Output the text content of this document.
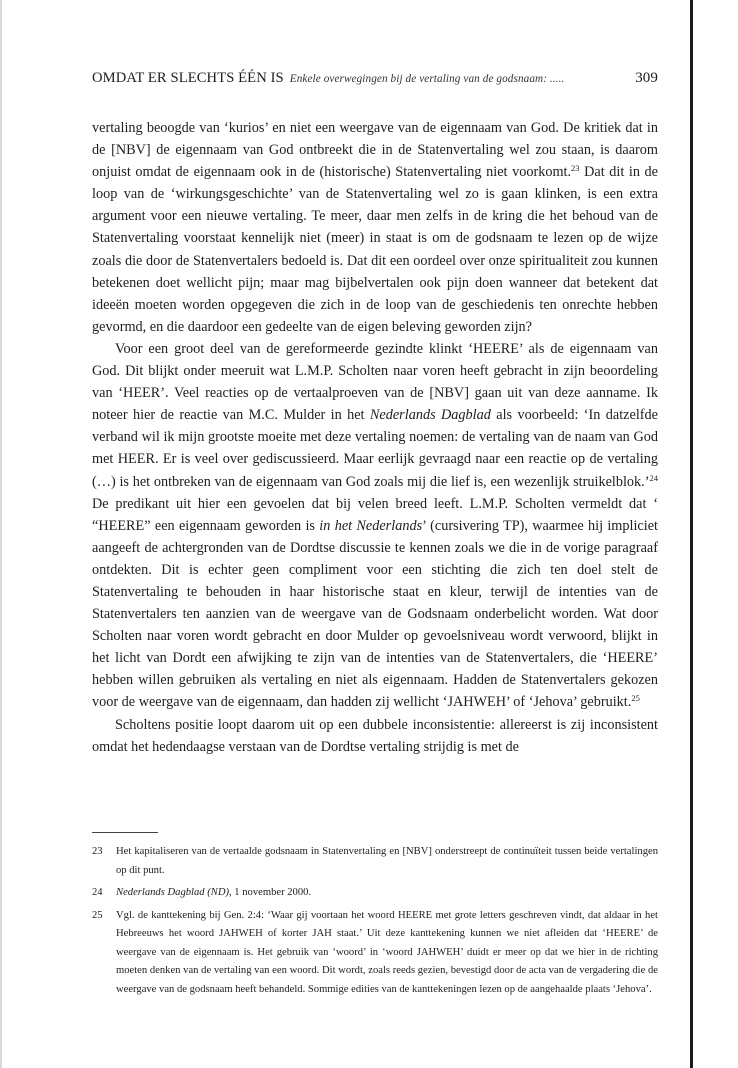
OMDAT ER SLECHTS ÉÉN IS Enkele overwegingen bij de vertaling van de godsnaam: .....	309

vertaling beoogde van ‘kurios’ en niet een weergave van de eigennaam van God. De kritiek dat in de [NBV] de eigennaam van God ontbreekt die in de Statenvertaling wel zou staan, is daarom onjuist omdat de eigennaam ook in de (historische) Statenvertaling niet voorkomt.$^{23}$ Dat dit in de loop van de ‘wirkungsgeschichte’ van de Statenvertaling wel zo is gaan klinken, is een extra argument voor een nieuwe vertaling. Te meer, daar men zelfs in de kring die het behoud van de Statenvertaling voorstaat kennelijk niet (meer) in staat is om de godsnaam te lezen op de wijze zoals die door de Statenvertalers bedoeld is. Dat dit een oordeel over onze spiritualiteit zou kunnen betekenen doet wellicht pijn; maar mag bijbelvertalen ook pijn doen wanneer dat betekent dat ideeën moeten worden opgegeven die zich in de loop van de geschiedenis ten onrechte hebben gevormd, en die daardoor een gedeelte van de eigen beleving geworden zijn?

Voor een groot deel van de gereformeerde gezindte klinkt ‘HEERE’ als de eigennaam van God. Dit blijkt onder meeruit wat L.M.P. Scholten naar voren heeft gebracht in zijn beoordeling van ‘HEER’. Veel reacties op de vertaalproeven van de [NBV] gaan uit van deze aanname. Ik noteer hier de reactie van M.C. Mulder in het Nederlands Dagblad als voorbeeld: ‘In datzelfde verband wil ik mijn grootste moeite met deze vertaling noemen: de vertaling van de naam van God met HEER. Er is veel over gediscussieerd. Maar eerlijk gevraagd naar een reactie op de vertaling (…) is het ontbreken van de eigennaam van God zoals mij die lief is, een wezenlijk struikelblok.’$^{24}$ De predikant uit hier een gevoelen dat bij velen breed leeft. L.M.P. Scholten vermeldt dat ‘ “HEERE” een eigennaam geworden is in het Nederlands’ (cursivering TP), waarmee hij impliciet aangeeft de achtergronden van de Dordtse discussie te kennen zoals we die in de vorige paragraaf ontdekten. Dit is echter geen compliment voor een stichting die zich ten doel stelt de Statenvertaling te behouden in haar historische staat en kleur, terwijl de intenties van de Statenvertalers ten aanzien van de weergave van de Godsnaam onderbelicht worden. Wat door Scholten naar voren wordt gebracht en door Mulder op gevoelsniveau wordt verwoord, blijkt in het licht van Dordt een afwijking te zijn van de intenties van de Statenvertalers, die ‘HEERE’ hebben willen gebruiken als vertaling en niet als eigennaam. Hadden de Statenvertalers gekozen voor de weergave van de eigennaam, dan hadden zij wellicht ‘JAHWEH’ of ‘Jehova’ gebruikt.$^{25}$

Scholtens positie loopt daarom uit op een dubbele inconsistentie: allereerst is zij inconsistent omdat het hedendaagse verstaan van de Dordtse vertaling strijdig is met de

23	Het kapitaliseren van de vertaalde godsnaam in Statenvertaling en [NBV] onderstreept de continuïteit tussen beide vertalingen op dit punt.

24	Nederlands Dagblad (ND), 1 november 2000.

25	Vgl. de kanttekening bij Gen. 2:4: ‘Waar gij voortaan het woord HEERE met grote letters geschreven vindt, dat aldaar in het Hebreeuws het woord JAHWEH of korter JAH staat.’ Uit deze kanttekening kunnen we niet afleiden dat ‘HEERE’ de weergave van de eigennaam is. Het gebruik van ‘woord’ in ‘woord JAHWEH’ duidt er meer op dat we hier in de richting moeten denken van de vertaling van een woord. Dit wordt, zoals reeds gezien, bevestigd door de acta van de vergadering die de weergave van de godsnaam heeft behandeld. Sommige edities van de kanttekeningen lezen op de aangehaalde plaats ‘Jehova’.
